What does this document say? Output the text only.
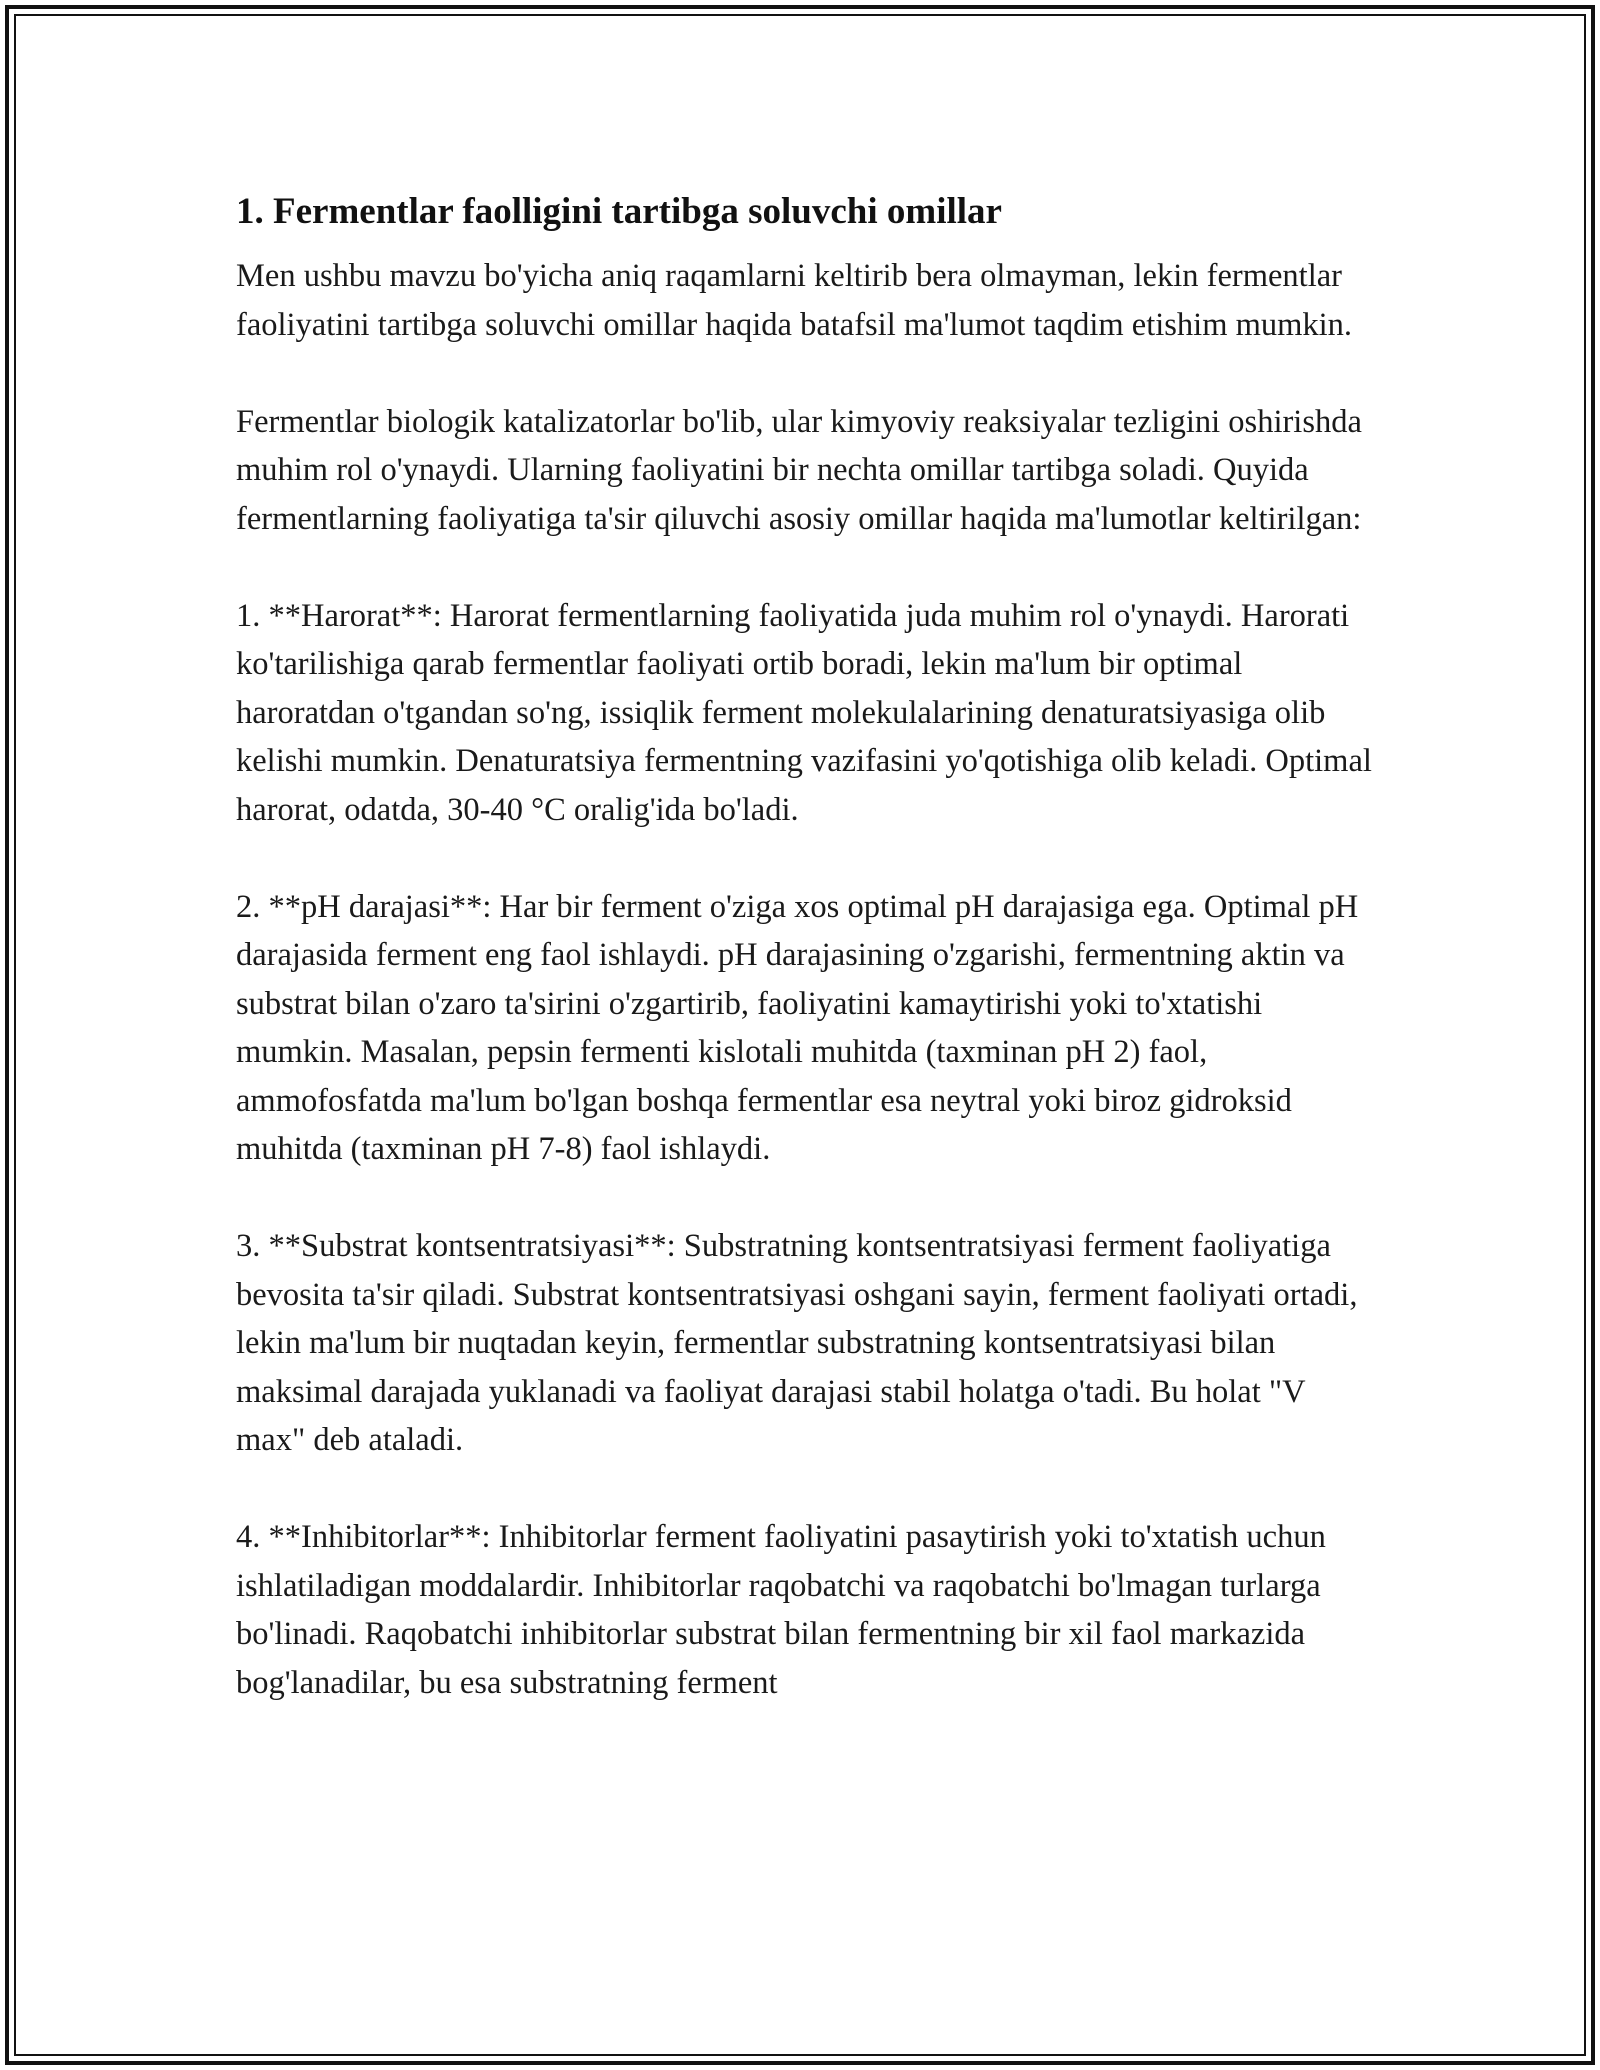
1. Fermentlar faolligini tartibga soluvchi omillar

Men ushbu mavzu bo'yicha aniq raqamlarni keltirib bera olmayman, lekin fermentlar faoliyatini tartibga soluvchi omillar haqida batafsil ma'lumot taqdim etishim mumkin.

Fermentlar biologik katalizatorlar bo'lib, ular kimyoviy reaksiyalar tezligini oshirishda muhim rol o'ynaydi. Ularning faoliyatini bir nechta omillar tartibga soladi. Quyida fermentlarning faoliyatiga ta'sir qiluvchi asosiy omillar haqida ma'lumotlar keltirilgan:

1. **Harorat**: Harorat fermentlarning faoliyatida juda muhim rol o'ynaydi. Harorati ko'tarilishiga qarab fermentlar faoliyati ortib boradi, lekin ma'lum bir optimal haroratdan o'tgandan so'ng, issiqlik ferment molekulalarining denaturatsiyasiga olib kelishi mumkin. Denaturatsiya fermentning vazifasini yo'qotishiga olib keladi. Optimal harorat, odatda, 30-40 °C oralig'ida bo'ladi.

2. **pH darajasi**: Har bir ferment o'ziga xos optimal pH darajasiga ega. Optimal pH darajasida ferment eng faol ishlaydi. pH darajasining o'zgarishi, fermentning aktin va substrat bilan o'zaro ta'sirini o'zgartirib, faoliyatini kamaytirishi yoki to'xtatishi mumkin. Masalan, pepsin fermenti kislotali muhitda (taxminan pH 2) faol, ammofosfatda ma'lum bo'lgan boshqa fermentlar esa neytral yoki biroz gidroksid muhitda (taxminan pH 7-8) faol ishlaydi.

3. **Substrat kontsentratsiyasi**: Substratning kontsentratsiyasi ferment faoliyatiga bevosita ta'sir qiladi. Substrat kontsentratsiyasi oshgani sayin, ferment faoliyati ortadi, lekin ma'lum bir nuqtadan keyin, fermentlar substratning kontsentratsiyasi bilan maksimal darajada yuklanadi va faoliyat darajasi stabil holatga o'tadi. Bu holat "V max" deb ataladi.

4. **Inhibitorlar**: Inhibitorlar ferment faoliyatini pasaytirish yoki to'xtatish uchun ishlatiladigan moddalardir. Inhibitorlar raqobatchi va raqobatchi bo'lmagan turlarga bo'linadi. Raqobatchi inhibitorlar substrat bilan fermentning bir xil faol markazida bog'lanadilar, bu esa substratning ferment
